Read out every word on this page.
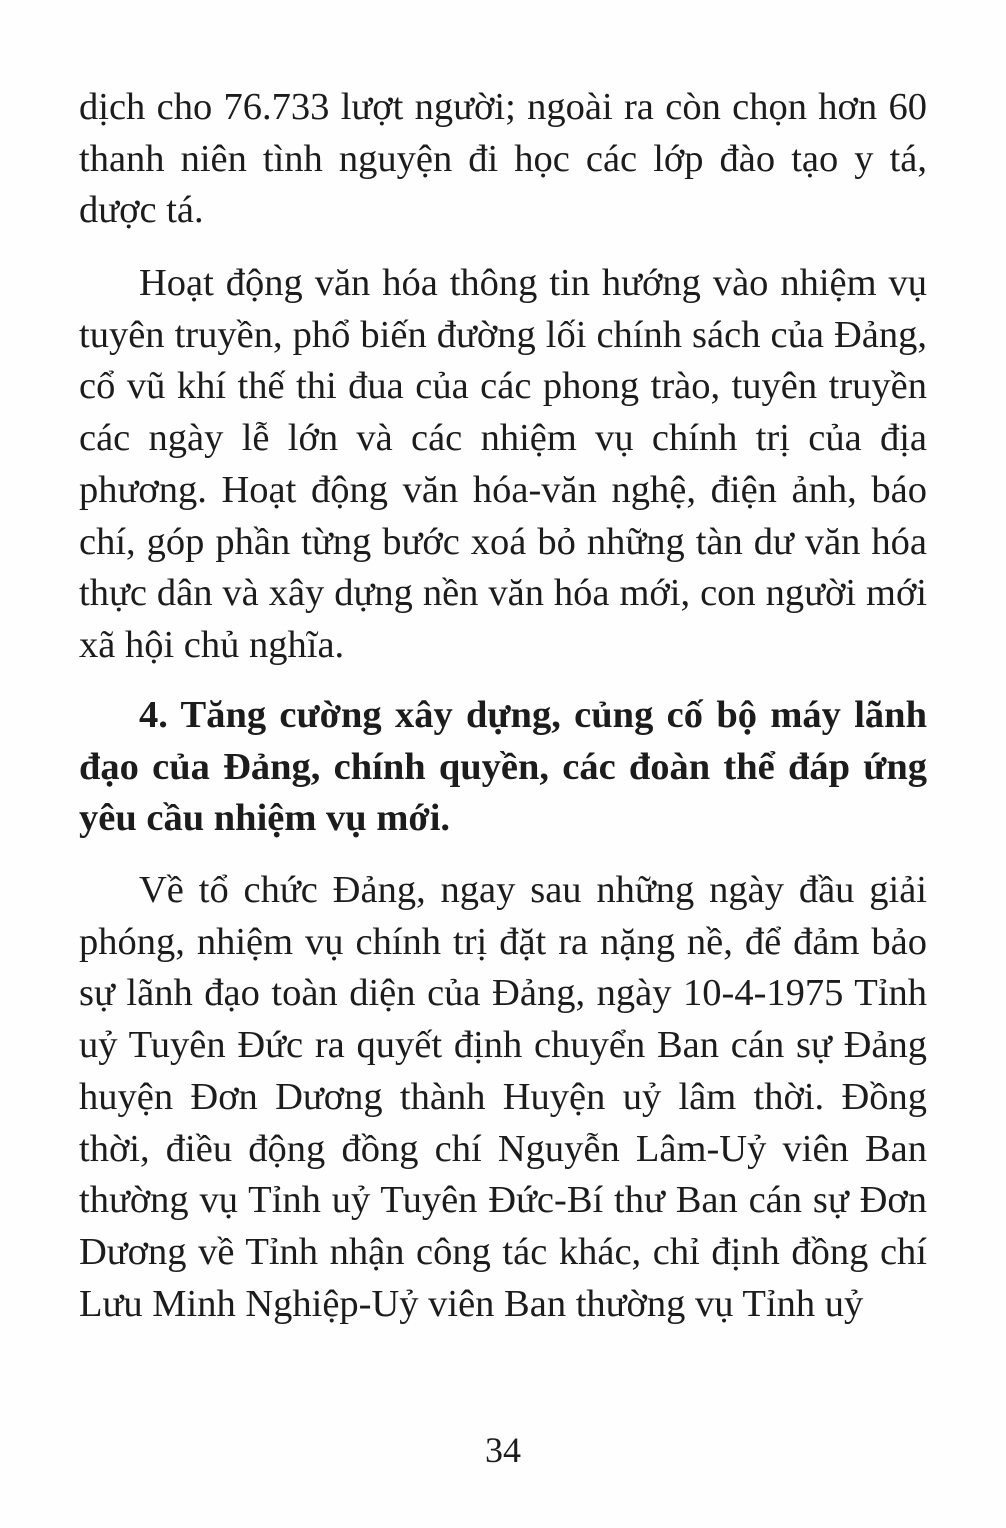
dịch cho 76.733 lượt người; ngoài ra còn chọn hơn 60 thanh niên tình nguyện đi học các lớp đào tạo y tá, dược tá.

Hoạt động văn hóa thông tin hướng vào nhiệm vụ tuyên truyền, phổ biến đường lối chính sách của Đảng, cổ vũ khí thế thi đua của các phong trào, tuyên truyền các ngày lễ lớn và các nhiệm vụ chính trị của địa phương. Hoạt động văn hóa-văn nghệ, điện ảnh, báo chí, góp phần từng bước xoá bỏ những tàn dư văn hóa thực dân và xây dựng nền văn hóa mới, con người mới xã hội chủ nghĩa.

4. Tăng cường xây dựng, củng cố bộ máy lãnh đạo của Đảng, chính quyền, các đoàn thể đáp ứng yêu cầu nhiệm vụ mới.

Về tổ chức Đảng, ngay sau những ngày đầu giải phóng, nhiệm vụ chính trị đặt ra nặng nề, để đảm bảo sự lãnh đạo toàn diện của Đảng, ngày 10-4-1975 Tỉnh uỷ Tuyên Đức ra quyết định chuyển Ban cán sự Đảng huyện Đơn Dương thành Huyện uỷ lâm thời. Đồng thời, điều động đồng chí Nguyễn Lâm-Uỷ viên Ban thường vụ Tỉnh uỷ Tuyên Đức-Bí thư Ban cán sự Đơn Dương về Tỉnh nhận công tác khác, chỉ định đồng chí Lưu Minh Nghiệp-Uỷ viên Ban thường vụ Tỉnh uỷ

34
